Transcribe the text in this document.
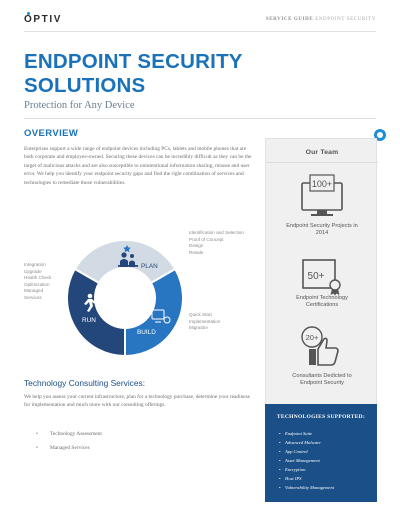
OPTIV	SERVICE GUIDE ENDPOINT SECURITY
ENDPOINT SECURITY
SOLUTIONS
Protection for Any Device
OVERVIEW

Enterprises support a wide range of endpoint devices including PCs, tablets and mobile phones that are both corporate and employee-owned. Securing these devices can be incredibly difficult as they can be the target of malicious attacks and are also susceptible to unintentional information sharing, misuse and user error. We help you identify your endpoint security gaps and find the right combination of services and technologies to remediate those vulnerabilities.

PLAN
BUILD
RUN
Identification and Selection
Proof of Concept
Design
Resale
Quick Start
Implementation
Migration
Integration
Upgrade
Health Check
Optimization
Managed Services
Technology Consulting Services:

We help you assess your current infrastructure, plan for a technology purchase, determine your readiness for implementation and much more with our consulting offerings.

• Technology Assessment
• Managed Services
Our Team
100+
Endpoint Security Projects in 2014
50+
Endpoint Technology Certifications
20+
Consultants Dedicted to Endpoint Security
TECHNOLOGIES SUPPORTED:
• Endpoint Suite
• Advanced Malware
• App Control
• Asset Management
• Encryption
• Host IPS
• Vulnerability Management
